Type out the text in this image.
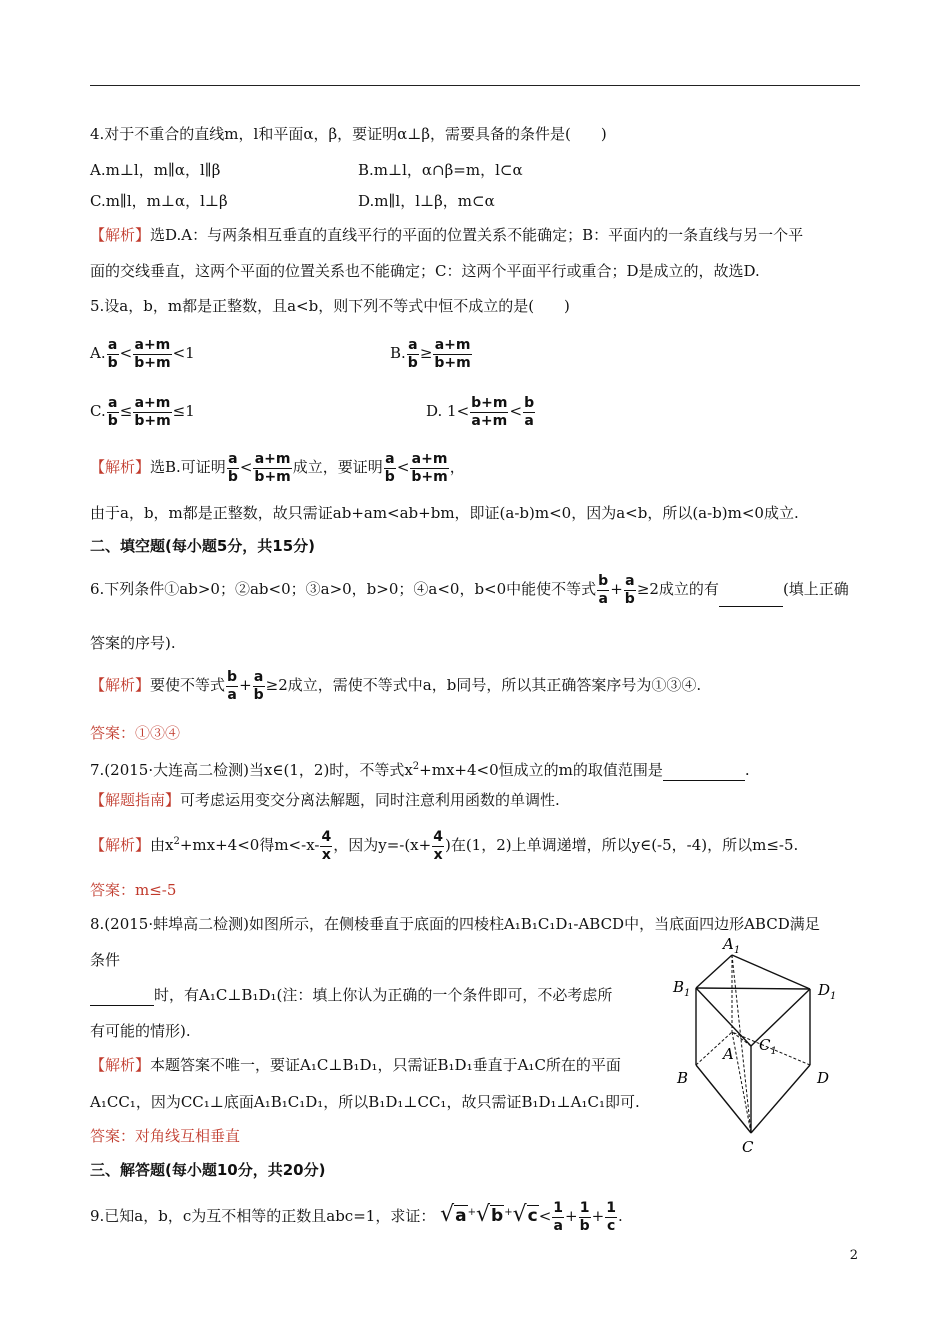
4.对于不重合的直线m，l和平面α，β，要证明α⊥β，需要具备的条件是(　　)
A.m⊥l，m∥α，l∥β	B.m⊥l，α∩β=m，l⊂α
C.m∥l，m⊥α，l⊥β	D.m∥l，l⊥β，m⊂α
【解析】选D.A：与两条相互垂直的直线平行的平面的位置关系不能确定；B：平面内的一条直线与另一个平
面的交线垂直，这两个平面的位置关系也不能确定；C：这两个平面平行或重合；D是成立的，故选D.
5.设a，b，m都是正整数，且a<b，则下列不等式中恒不成立的是(　　)
A. $\frac{a}{b} < \frac{a+m}{b+m} <1$	B. $\frac{a}{b} \ge \frac{a+m}{b+m}$
C. $\frac{a}{b} \le \frac{a+m}{b+m} \le 1$	D. $1< \frac{b+m}{a+m} < \frac{b}{a}$
【解析】选B.可证明 $\frac{a}{b} < \frac{a+m}{b+m}$ 成立，要证明 $\frac{a}{b} < \frac{a+m}{b+m}$ ，
由于a，b，m都是正整数，故只需证ab+am<ab+bm，即证(a-b)m<0，因为a<b，所以(a-b)m<0成立.
二、填空题(每小题5分，共15分)
6.下列条件①ab>0；②ab<0；③a>0，b>0；④a<0，b<0中能使不等式 $\frac{b}{a} + \frac{a}{b} \ge 2$成立的有	(填上正确
答案的序号).
【解析】要使不等式 $\frac{b}{a} + \frac{a}{b} \ge 2$成立，需使不等式中a，b同号，所以其正确答案序号为①③④.
答案：①③④
7.(2015·大连高二检测)当x∈(1，2)时，不等式$x^2+mx+4<0$恒成立的m的取值范围是	.
【解题指南】可考虑运用变交分离法解题，同时注意利用函数的单调性.
【解析】由$x^2+mx+4<0$得$m<-x- \frac{4}{x}$ ，因为$y=-(x+ \frac{4}{x}$ )在(1，2)上单调递增，所以y∈(-5，-4)，所以m≤-5.
答案：m≤-5
8.(2015·蚌埠高二检测)如图所示，在侧棱垂直于底面的四棱柱A₁B₁C₁D₁-ABCD中，当底面四边形ABCD满足
条件
时，有A₁C⊥B₁D₁(注：填上你认为正确的一个条件即可，不必考虑所
有可能的情形).
【解析】本题答案不唯一，要证A₁C⊥B₁D₁，只需证B₁D₁垂直于A₁C所在的平面
A₁CC₁，因为CC₁⊥底面A₁B₁C₁D₁，所以B₁D₁⊥CC₁，故只需证B₁D₁⊥A₁C₁即可.
答案：对角线互相垂直
$A_1$
$B_1$	$D_1$
$C_1$
A
B	D
C
三、解答题(每小题10分，共20分)
9.已知a，b，c为互不相等的正数且abc=1，求证： $√a^+√b^+√c< \frac{1}{a} + \frac{1}{b} + \frac{1}{c}$ .
2
